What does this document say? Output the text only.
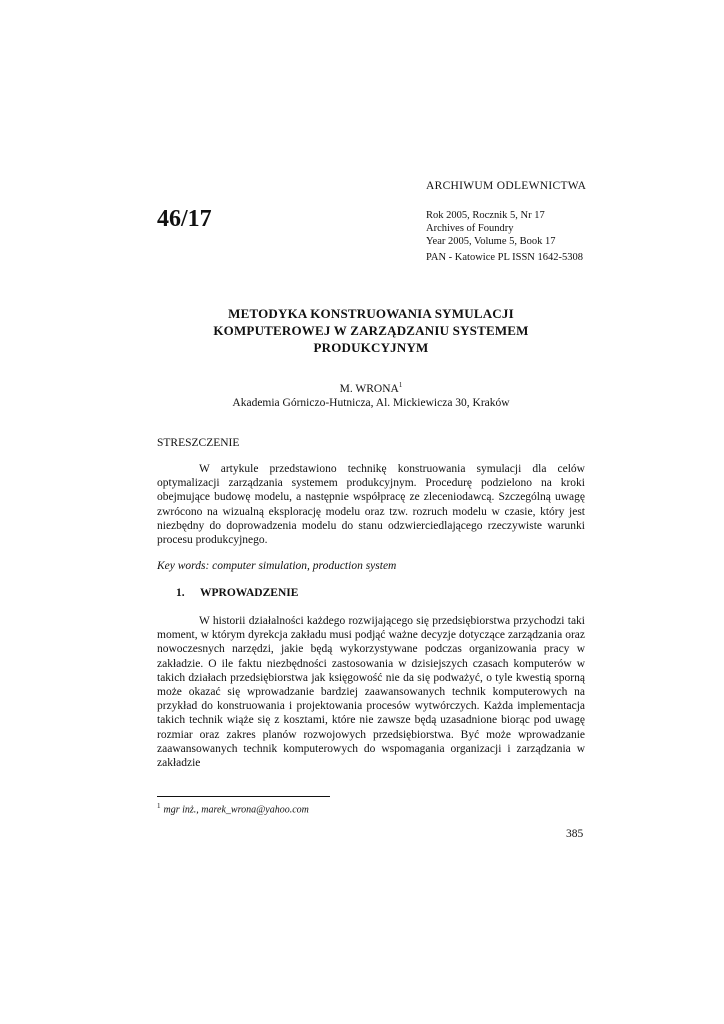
ARCHIWUM ODLEWNICTWA
46/17	Rok 2005, Rocznik 5, Nr 17
Archives of Foundry
Year 2005, Volume 5, Book 17
PAN - Katowice PL ISSN 1642-5308
METODYKA KONSTRUOWANIA SYMULACJI
KOMPUTEROWEJ W ZARZĄDZANIU SYSTEMEM
PRODUKCYJNYM
M. WRONA$^1$
Akademia Górniczo-Hutnicza, Al. Mickiewicza 30, Kraków
STRESZCZENIE

W artykule przedstawiono technikę konstruowania symulacji dla celów optymalizacji zarządzania systemem produkcyjnym. Procedurę podzielono na kroki obejmujące budowę modelu, a następnie współpracę ze zleceniodawcą. Szczególną uwagę zwrócono na wizualną eksplorację modelu oraz tzw. rozruch modelu w czasie, który jest niezbędny do doprowadzenia modelu do stanu odzwierciedlającego rzeczywiste warunki procesu produkcyjnego.

Key words: computer simulation, production system
1. WPROWADZENIE

W historii działalności każdego rozwijającego się przedsiębiorstwa przychodzi taki moment, w którym dyrekcja zakładu musi podjąć ważne decyzje dotyczące zarządzania oraz nowoczesnych narzędzi, jakie będą wykorzystywane podczas organizowania pracy w zakładzie. O ile faktu niezbędności zastosowania w dzisiejszych czasach komputerów w takich działach przedsiębiorstwa jak księgowość nie da się podważyć, o tyle kwestią sporną może okazać się wprowadzanie bardziej zaawansowanych technik komputerowych na przykład do konstruowania i projektowania procesów wytwórczych. Każda implementacja takich technik wiąże się z kosztami, które nie zawsze będą uzasadnione biorąc pod uwagę rozmiar oraz zakres planów rozwojowych przedsiębiorstwa. Być może wprowadzanie zaawansowanych technik komputerowych do wspomagania organizacji i zarządzania w zakładzie

$^1$ mgr inż., marek_wrona@yahoo.com
385
